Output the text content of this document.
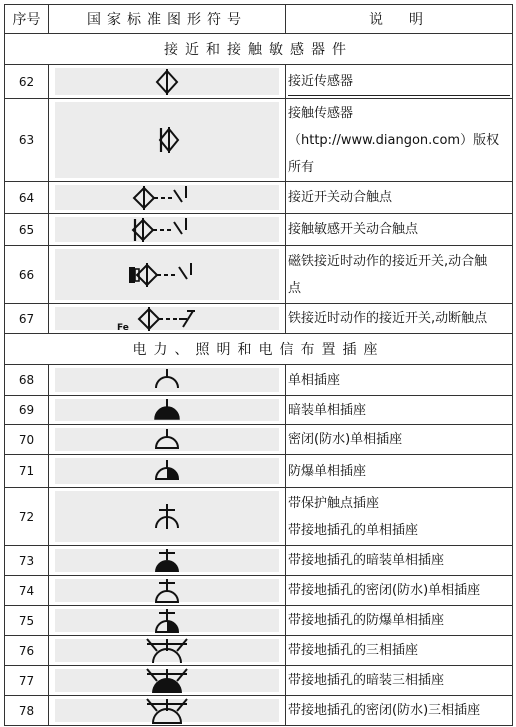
序号	国家标准图形符号	说　明
接近和接触敏感器件		
62		接近传感器

63		接触传感器
（http://www.diangon.com）版权
所有

64		接近开关动合触点

65		接触敏感开关动合触点

66		磁铁接近时动作的接近开关,动合触
点

67	Fe	铁接近时动作的接近开关,动断触点

电力、照明和电信布置插座		
68		单相插座

69		暗装单相插座

70		密闭(防水)单相插座

71		防爆单相插座

72		带保护触点插座
带接地插孔的单相插座

73		带接地插孔的暗装单相插座

74		带接地插孔的密闭(防水)单相插座

75		带接地插孔的防爆单相插座

76		带接地插孔的三相插座

77		带接地插孔的暗装三相插座

78		带接地插孔的密闭(防水)三相插座
